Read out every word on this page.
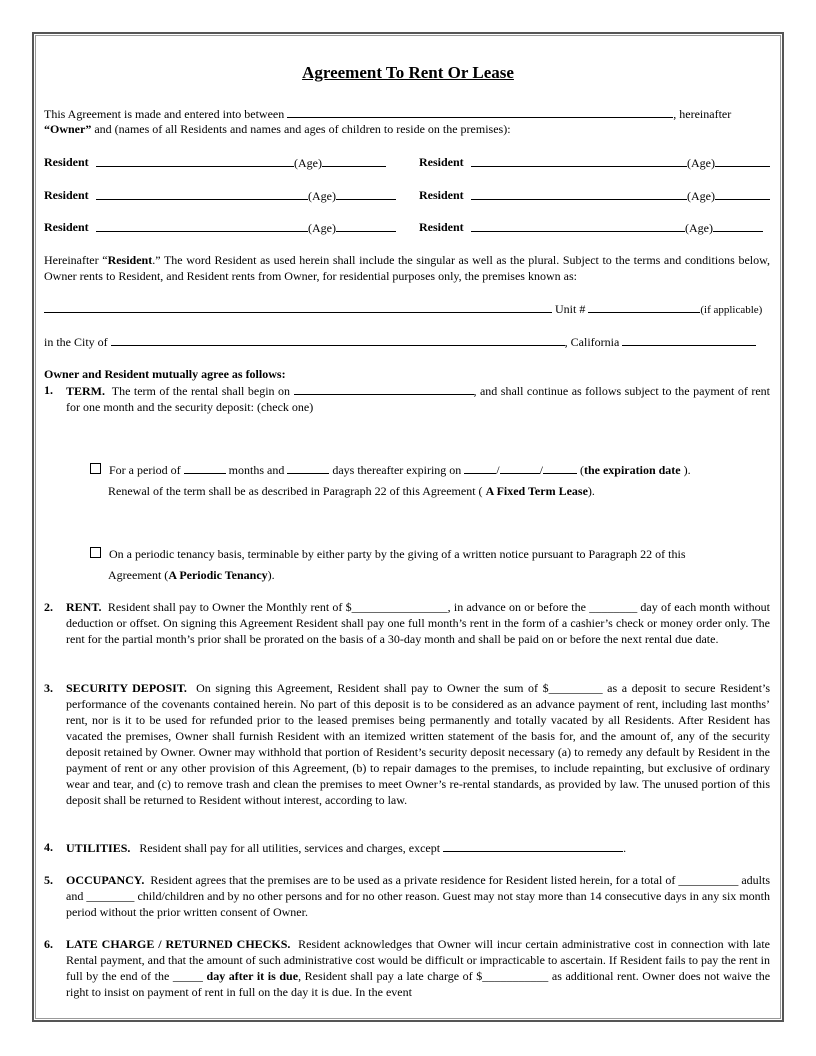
Agreement To Rent Or Lease
This Agreement is made and entered into between	, hereinafter
“Owner” and (names of all Residents and names and ages of children to reside on the premises):
Resident	(Age)	Resident	(Age)
Resident	(Age)	Resident	(Age)
Resident	(Age)	Resident	(Age)
Hereinafter “Resident.” The word Resident as used herein shall include the singular as well as the plural. Subject to the terms and conditions below, Owner rents to Resident, and Resident rents from Owner, for residential purposes only, the premises known as:
Unit #	(if applicable)
in the City of	, California
Owner and Resident mutually agree as follows:
1. TERM. The term of the rental shall begin on	, and shall continue as follows subject to the payment of rent for one month and the security deposit: (check one)
For a period of	months and	days thereafter expiring on	/	/	(the expiration date ).
Renewal of the term shall be as described in Paragraph 22 of this Agreement ( A Fixed Term Lease).
On a periodic tenancy basis, terminable by either party by the giving of a written notice pursuant to Paragraph 22 of this
Agreement (A Periodic Tenancy).
2. RENT. Resident shall pay to Owner the Monthly rent of $________________, in advance on or before the ________ day of each month without deduction or offset. On signing this Agreement Resident shall pay one full month’s rent in the form of a cashier’s check or money order only. The rent for the partial month’s prior shall be prorated on the basis of a 30-day month and shall be paid on or before the next rental due date.
3. SECURITY DEPOSIT. On signing this Agreement, Resident shall pay to Owner the sum of $_________ as a deposit to secure Resident’s performance of the covenants contained herein. No part of this deposit is to be considered as an advance payment of rent, including last months’ rent, nor is it to be used for refunded prior to the leased premises being permanently and totally vacated by all Residents. After Resident has vacated the premises, Owner shall furnish Resident with an itemized written statement of the basis for, and the amount of, any of the security deposit retained by Owner. Owner may withhold that portion of Resident’s security deposit necessary (a) to remedy any default by Resident in the payment of rent or any other provision of this Agreement, (b) to repair damages to the premises, to include repainting, but exclusive of ordinary wear and tear, and (c) to remove trash and clean the premises to meet Owner’s re-rental standards, as provided by law. The unused portion of this deposit shall be returned to Resident without interest, according to law.
4. UTILITIES. Resident shall pay for all utilities, services and charges, except	.
5. OCCUPANCY. Resident agrees that the premises are to be used as a private residence for Resident listed herein, for a total of __________ adults and ________ child/children and by no other persons and for no other reason. Guest may not stay more than 14 consecutive days in any six month period without the prior written consent of Owner.
6. LATE CHARGE / RETURNED CHECKS. Resident acknowledges that Owner will incur certain administrative cost in connection with late Rental payment, and that the amount of such administrative cost would be difficult or impracticable to ascertain. If Resident fails to pay the rent in full by the end of the _____ day after it is due, Resident shall pay a late charge of $___________ as additional rent. Owner does not waive the right to insist on payment of rent in full on the day it is due. In the event
